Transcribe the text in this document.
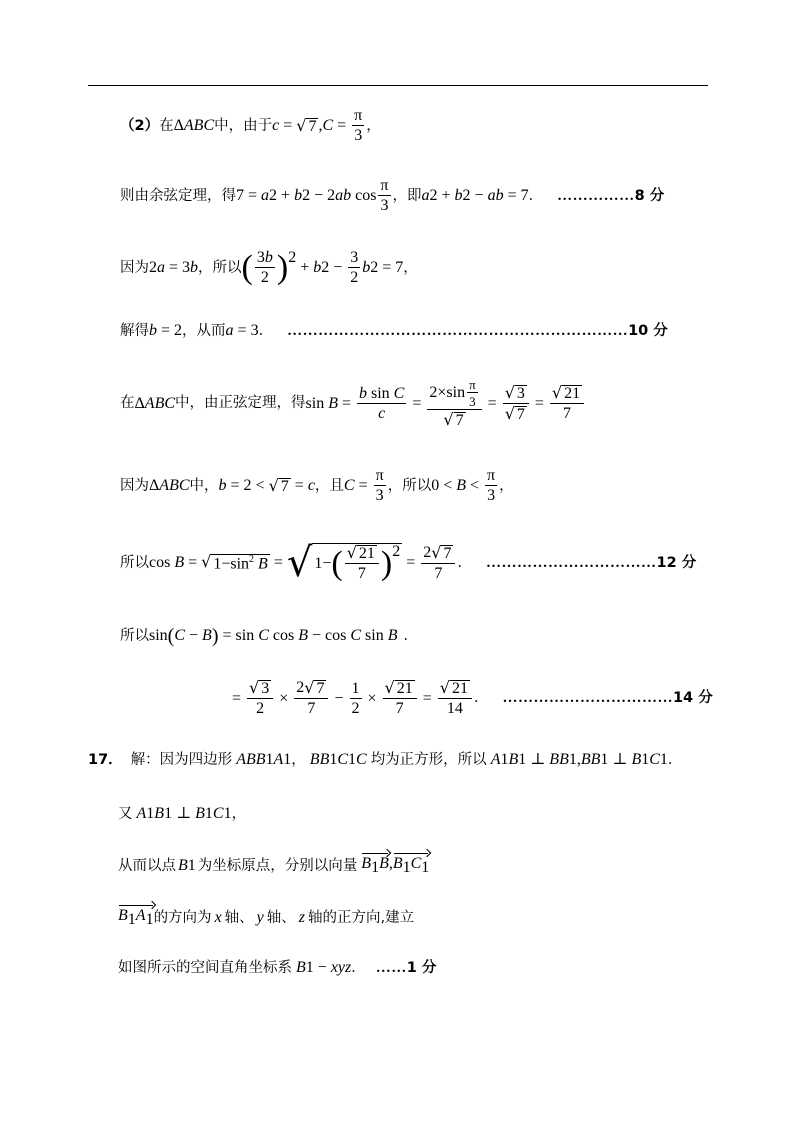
（2） 在 ΔABC 中，由于 c = √ 7 , $C = \frac{\pi}{3}$ ，
则由余弦定理，得 7 = a 2 + b 2 − 2 ab $\cos \frac{\pi}{3}$ ，即 a 2 + b 2 − ab = 7 ． …………… 8 分
因为 2 a = 3 b ，所以 ( $\frac{3b}{2}$ ) 2
+ b $2 - \frac{3}{2}$ b 2 = 7 ，
解得 b = 2 ，从而 a = 3 ． ………………………………………………………… 10 分
在 ΔABC 中，由正弦定理，得 $\sin B = \frac{\text{b sin C}}{c} = \frac{2\times\sin \frac{\pi}{3}}{√ 7} = \frac{√ 3}{√ 7} = \frac{√ 21}{7}$
因为 ΔABC 中， b = 2 < √ 7 = c ，且 $C = \frac{\pi}{3}$ ，所以 $0 < B < \frac{\pi}{3}$ ，
所以 cos B = √ $1-\sin^2$ B = √ 1− ( $\frac{√ 21}{7}$ ) 2
= $\frac{2 √ 7}{7}$ ． …………………………… 12 分
所以 sin ( C − B ) = sin C cos B − cos C sin B ．
= $\frac{√ 3}{2} \times \frac{2 √ 7}{7} - \frac{1}{2} \times \frac{√ 21}{7} = \frac{√ 21}{14}$ ． …………………………… 14 分
17． 解：因为四边形 ABB 1 A 1 ， BB 1 C 1 C 均为正方形，所以 A 1 B 1 ⊥ BB 1 , BB 1 ⊥ B 1 C 1 ．
又 A 1 B 1 ⊥ B 1 C 1 ，
从而以点 B 1 为坐标原点，分别以向量 $B_1B$ , $B_1C_1$
$B_1A_1$ 的方向为 x 轴、 y 轴、 z 轴的正方向,建立
如图所示的空间直角坐标系 B 1 − xyz ． …… 1 分
